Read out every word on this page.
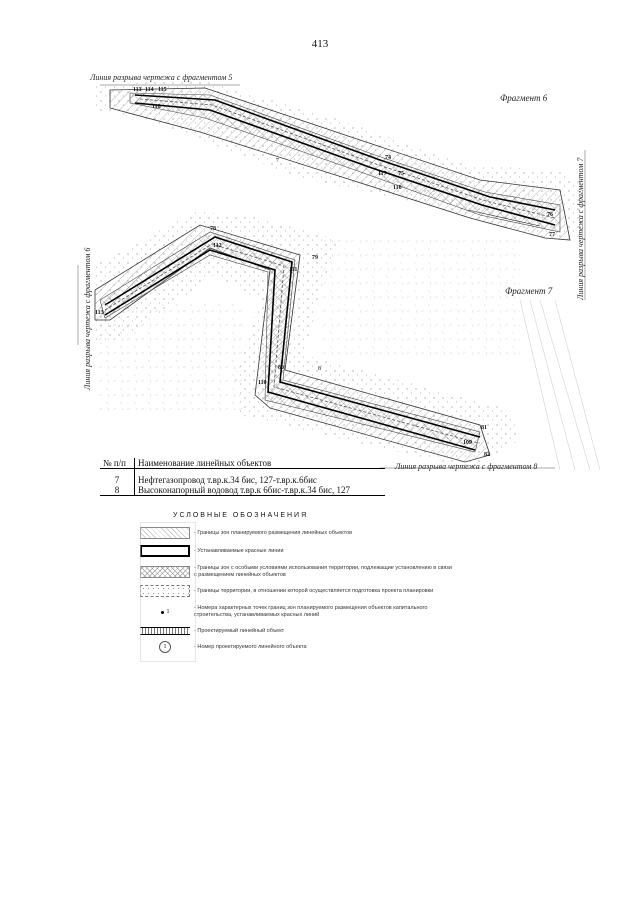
413
Линия разрыва чертежа с фрагментом 5
Фрагмент 6
Фрагмент 7	Линия разрыва чертежа с фрагментом 7
Линия разрыва чертежа с фрагментом 6
Линия разрыва чертежа с фрагментом 8
113 114 115
118
74
117 75
116
76
77
78
112
79
111
113
80
110
81
109
82
7
8
№ п/п	Наименование линейных объектов

7	Нефтегазопровод т.вр.к.34 бис, 127-т.вр.к.6бис
8	Высоконапорный водовод т.вр.к 6бис-т.вр.к.34 бис, 127
УСЛОВНЫЕ ОБОЗНАЧЕНИЯ
- Границы зон планируемого размещения линейных объектов
- Устанавливаемые красные линии
- Границы зон с особыми условиями использования территории, подлежащие установлению в связи с размещением линейных объектов
- Границы территории, в отношении которой осуществляется подготовка проекта планировки
1
- Номера характерных точек границ зон планируемого размещения объектов капитального строительства, устанавливаемых красных линий
- Проектируемый линейный объект
1	- Номер проектируемого линейного объекта
